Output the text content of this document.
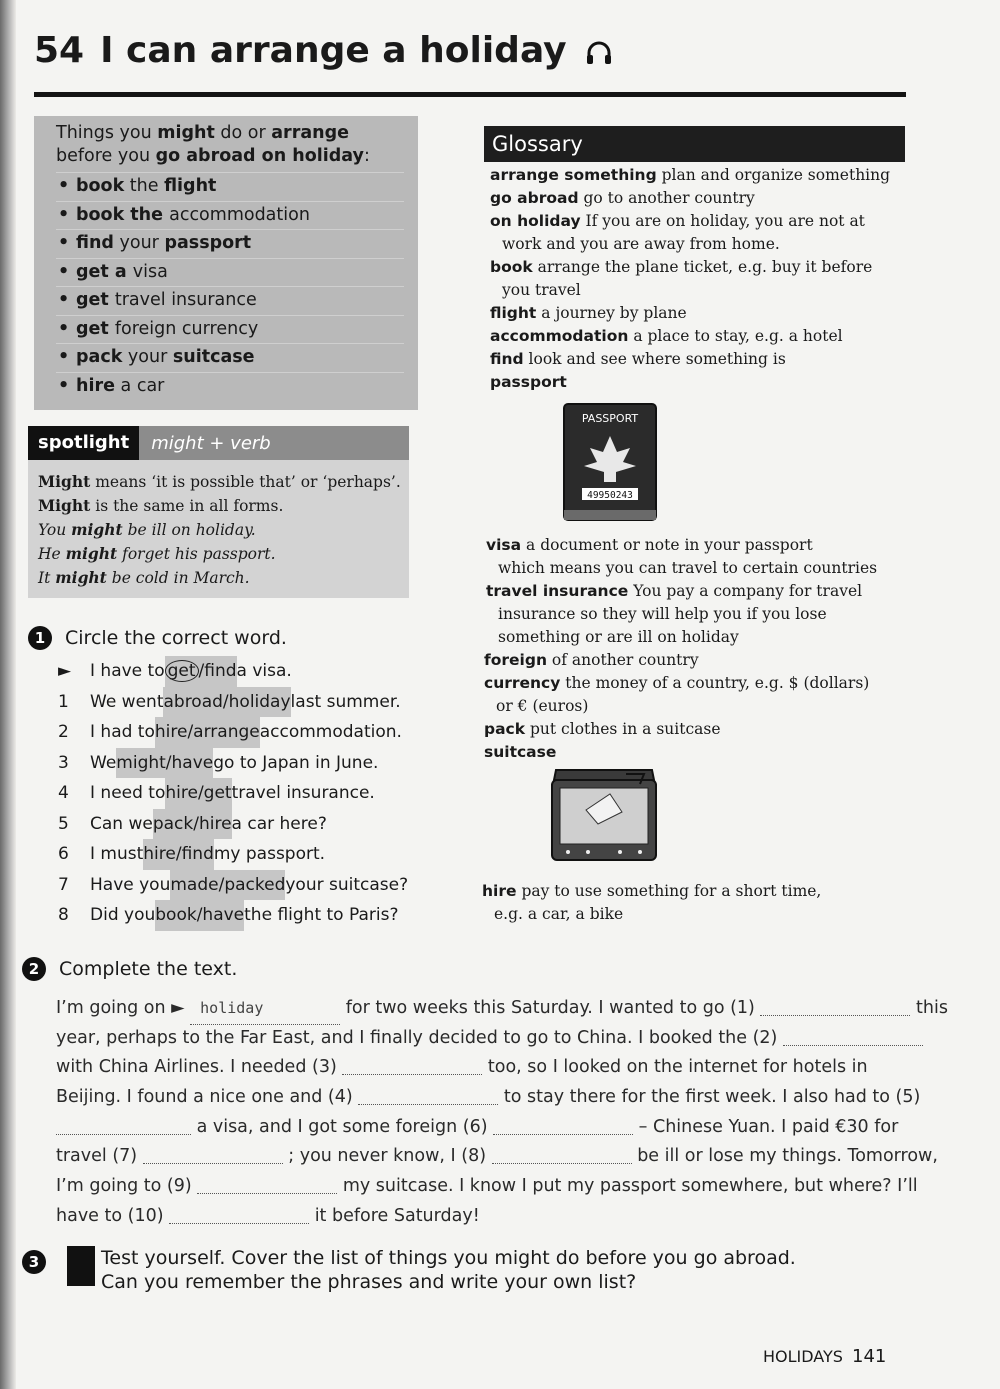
54 I can arrange a holiday

Things you might do or arrange before you go abroad on holiday:

• book the flight
• book the accommodation
• find your passport
• get a visa
• get travel insurance
• get foreign currency
• pack your suitcase
• hire a car
spotlight	might + verb
Might means ‘it is possible that’ or ‘perhaps’.
Might is the same in all forms.
You might be ill on holiday.
He might forget his passport.
It might be cold in March.
Glossary
arrange something plan and organize something
go abroad go to another country
on holiday If you are on holiday, you are not at
work and you are away from home.
book arrange the plane ticket, e.g. buy it before
you travel
flight a journey by plane
accommodation a place to stay, e.g. a hotel
find look and see where something is
passport
visa a document or note in your passport
which means you can travel to certain countries
travel insurance You pay a company for travel
insurance so they will help you if you lose
something or are ill on holiday
foreign of another country
currency the money of a country, e.g. $ (dollars)
or € (euros)
pack put clothes in a suitcase
suitcase
hire pay to use something for a short time,
e.g. a car, a bike
PASSPORT
49950243
1	Circle the correct word.
►	I have to get /find a visa.
1	We went abroad/holiday last summer.
2	I had to hire/arrange accommodation.
3	We might/have go to Japan in June.
4	I need to hire/get travel insurance.
5	Can we pack/hire a car here?
6	I must hire/find my passport.
7	Have you made/packed your suitcase?
8	Did you book/have the flight to Paris?
2	Complete the text.
I’m going on ► holiday	for two weeks this Saturday. I wanted to go (1)	this
year, perhaps to the Far East, and I finally decided to go to China. I booked the (2)
with China Airlines. I needed (3)	too, so I looked on the internet for hotels in
Beijing. I found a nice one and (4)	to stay there for the first week. I also had to (5)
a visa, and I got some foreign (6)	– Chinese Yuan. I paid €30 for
travel (7)	; you never know, I (8)	be ill or lose my things. Tomorrow,
I’m going to (9)	my suitcase. I know I put my passport somewhere, but where? I’ll
have to (10)	it before Saturday!
3	Test yourself. Cover the list of things you might do before you go abroad.
Can you remember the phrases and write your own list?
HOLIDAYS 141
